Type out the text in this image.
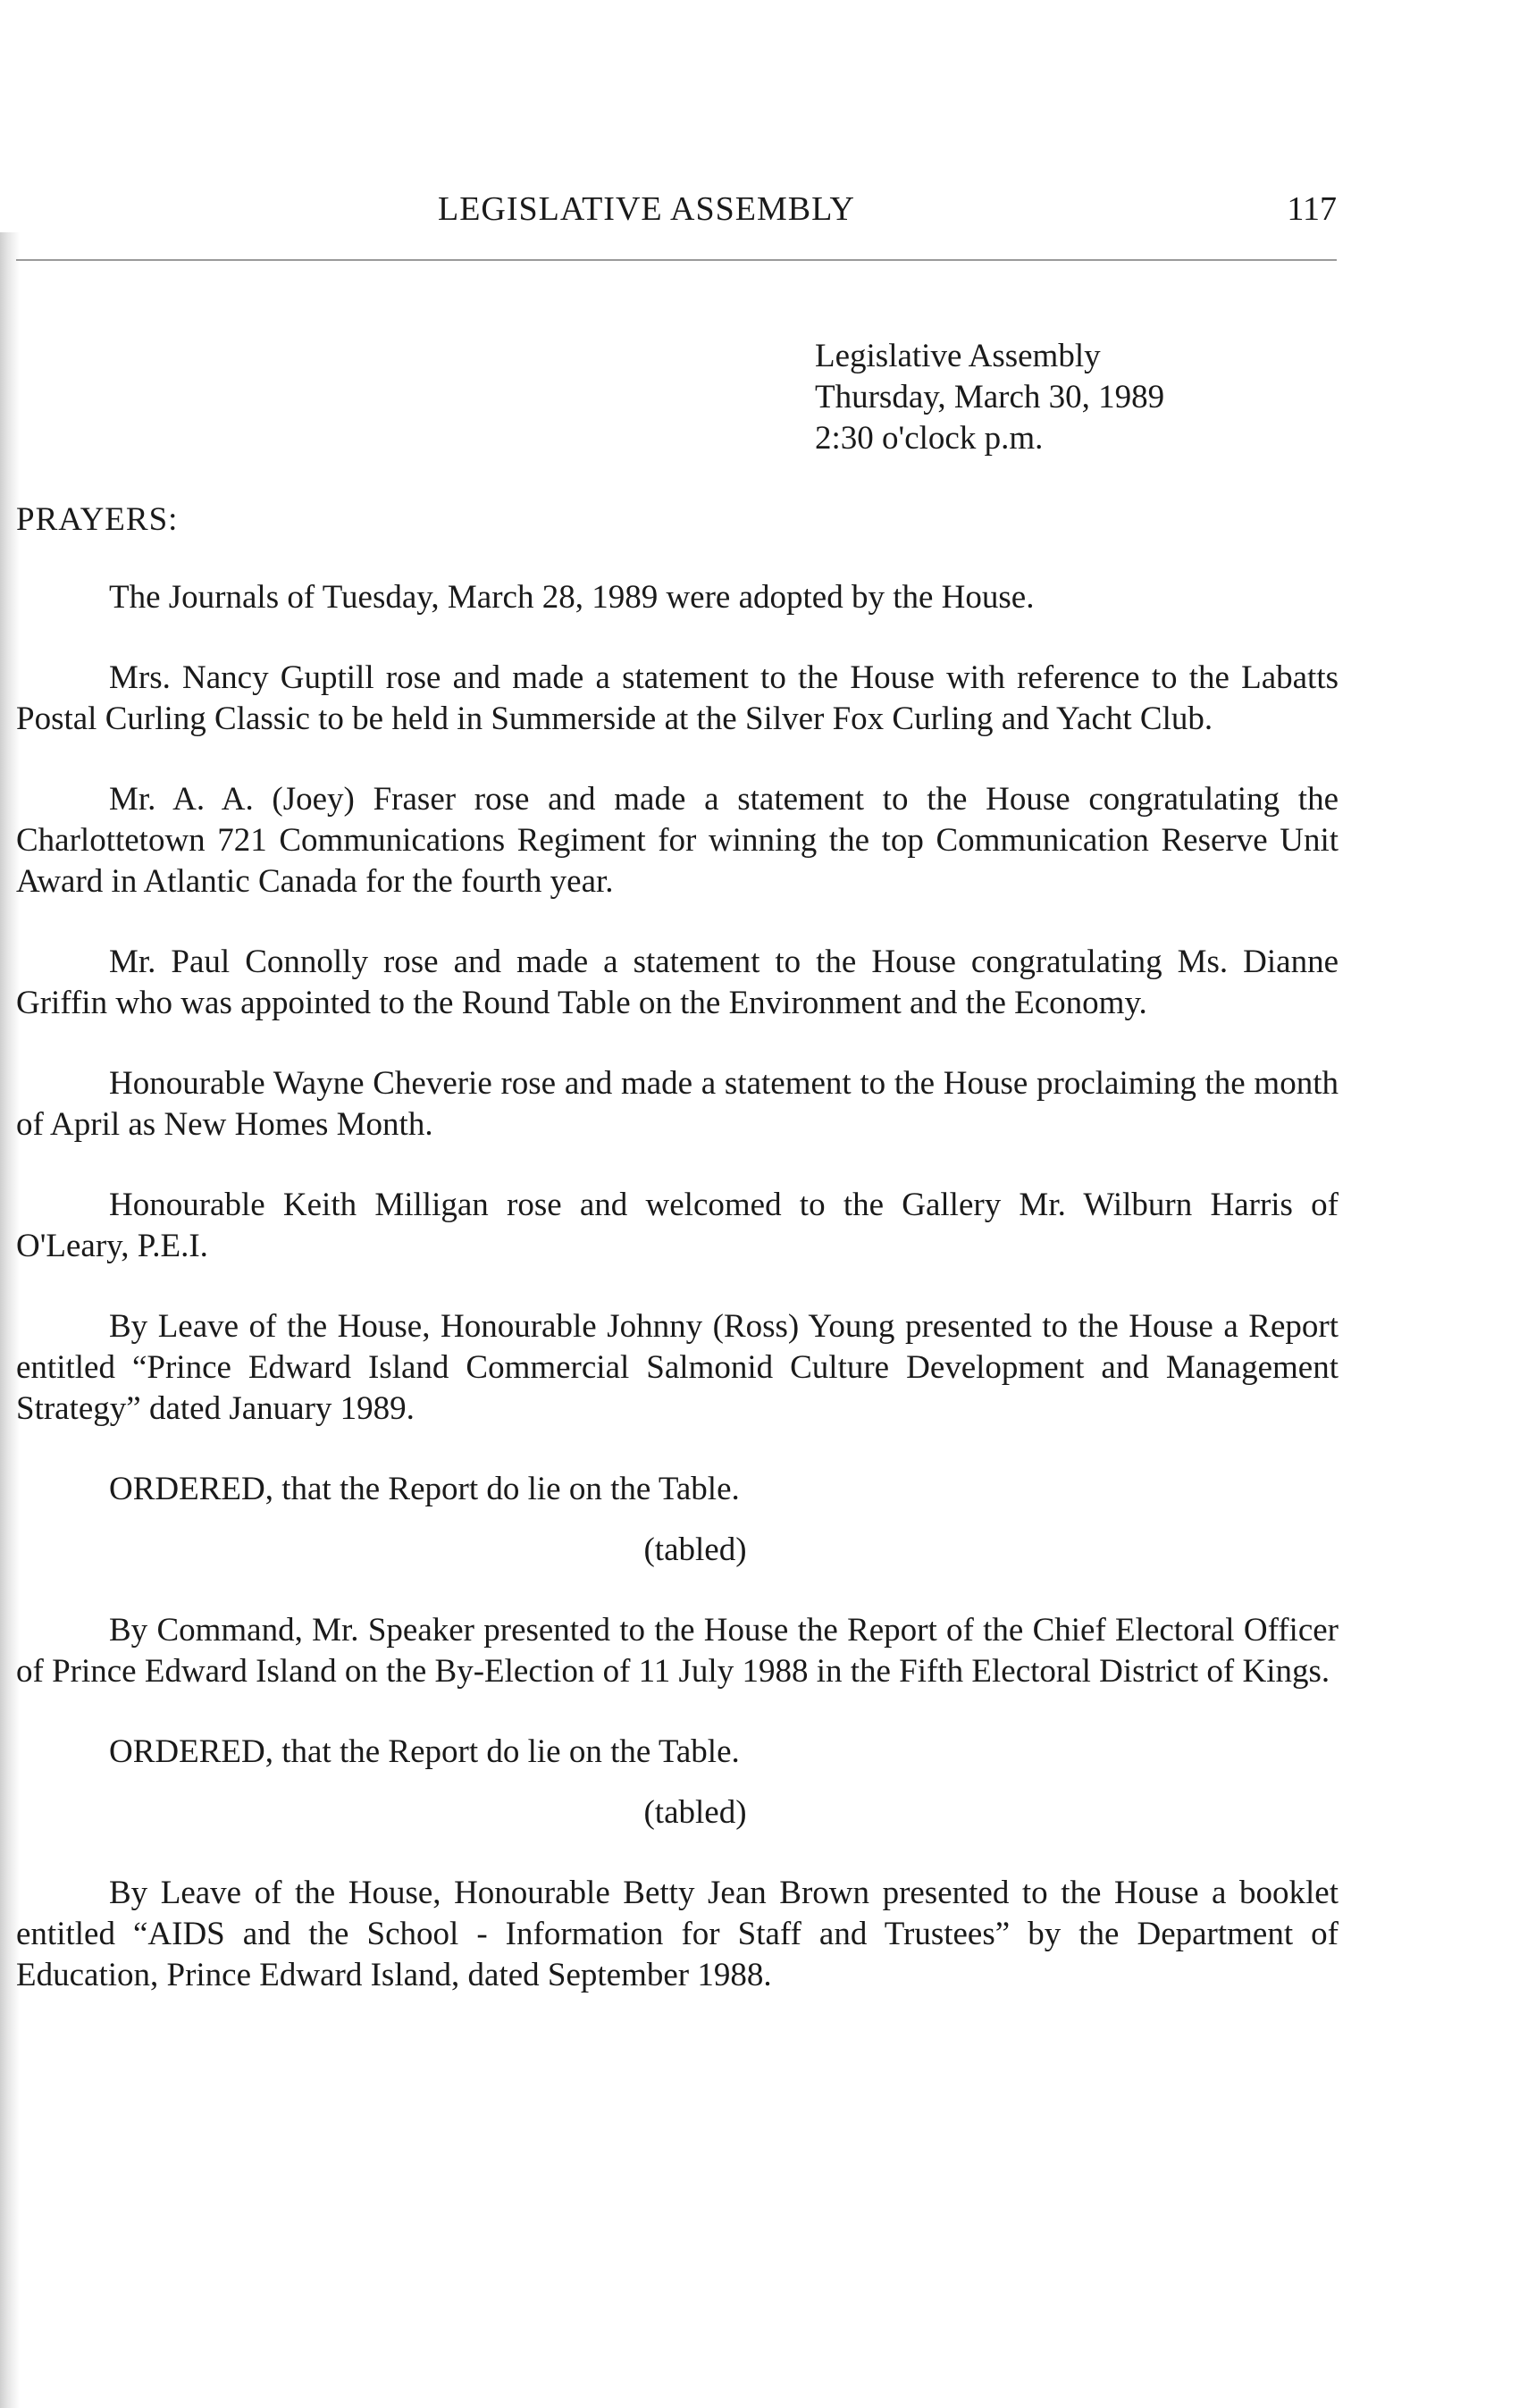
LEGISLATIVE ASSEMBLY	117
Legislative Assembly
Thursday, March 30, 1989
2:30 o'clock p.m.
PRAYERS:

The Journals of Tuesday, March 28, 1989 were adopted by the House.

Mrs. Nancy Guptill rose and made a statement to the House with reference to the Labatts Postal Curling Classic to be held in Summerside at the Silver Fox Curling and Yacht Club.

Mr. A. A. (Joey) Fraser rose and made a statement to the House congratulating the Charlottetown 721 Communications Regiment for winning the top Communication Reserve Unit Award in Atlantic Canada for the fourth year.

Mr. Paul Connolly rose and made a statement to the House congratulating Ms. Dianne Griffin who was appointed to the Round Table on the Environment and the Economy.

Honourable Wayne Cheverie rose and made a statement to the House proclaiming the month of April as New Homes Month.

Honourable Keith Milligan rose and welcomed to the Gallery Mr. Wilburn Harris of O'Leary, P.E.I.

By Leave of the House, Honourable Johnny (Ross) Young presented to the House a Report entitled “Prince Edward Island Commercial Salmonid Culture Development and Management Strategy” dated January 1989.

ORDERED, that the Report do lie on the Table.

(tabled)

By Command, Mr. Speaker presented to the House the Report of the Chief Electoral Officer of Prince Edward Island on the By-Election of 11 July 1988 in the Fifth Electoral District of Kings.

ORDERED, that the Report do lie on the Table.

(tabled)

By Leave of the House, Honourable Betty Jean Brown presented to the House a booklet entitled “AIDS and the School - Information for Staff and Trustees” by the Department of Education, Prince Edward Island, dated September 1988.
